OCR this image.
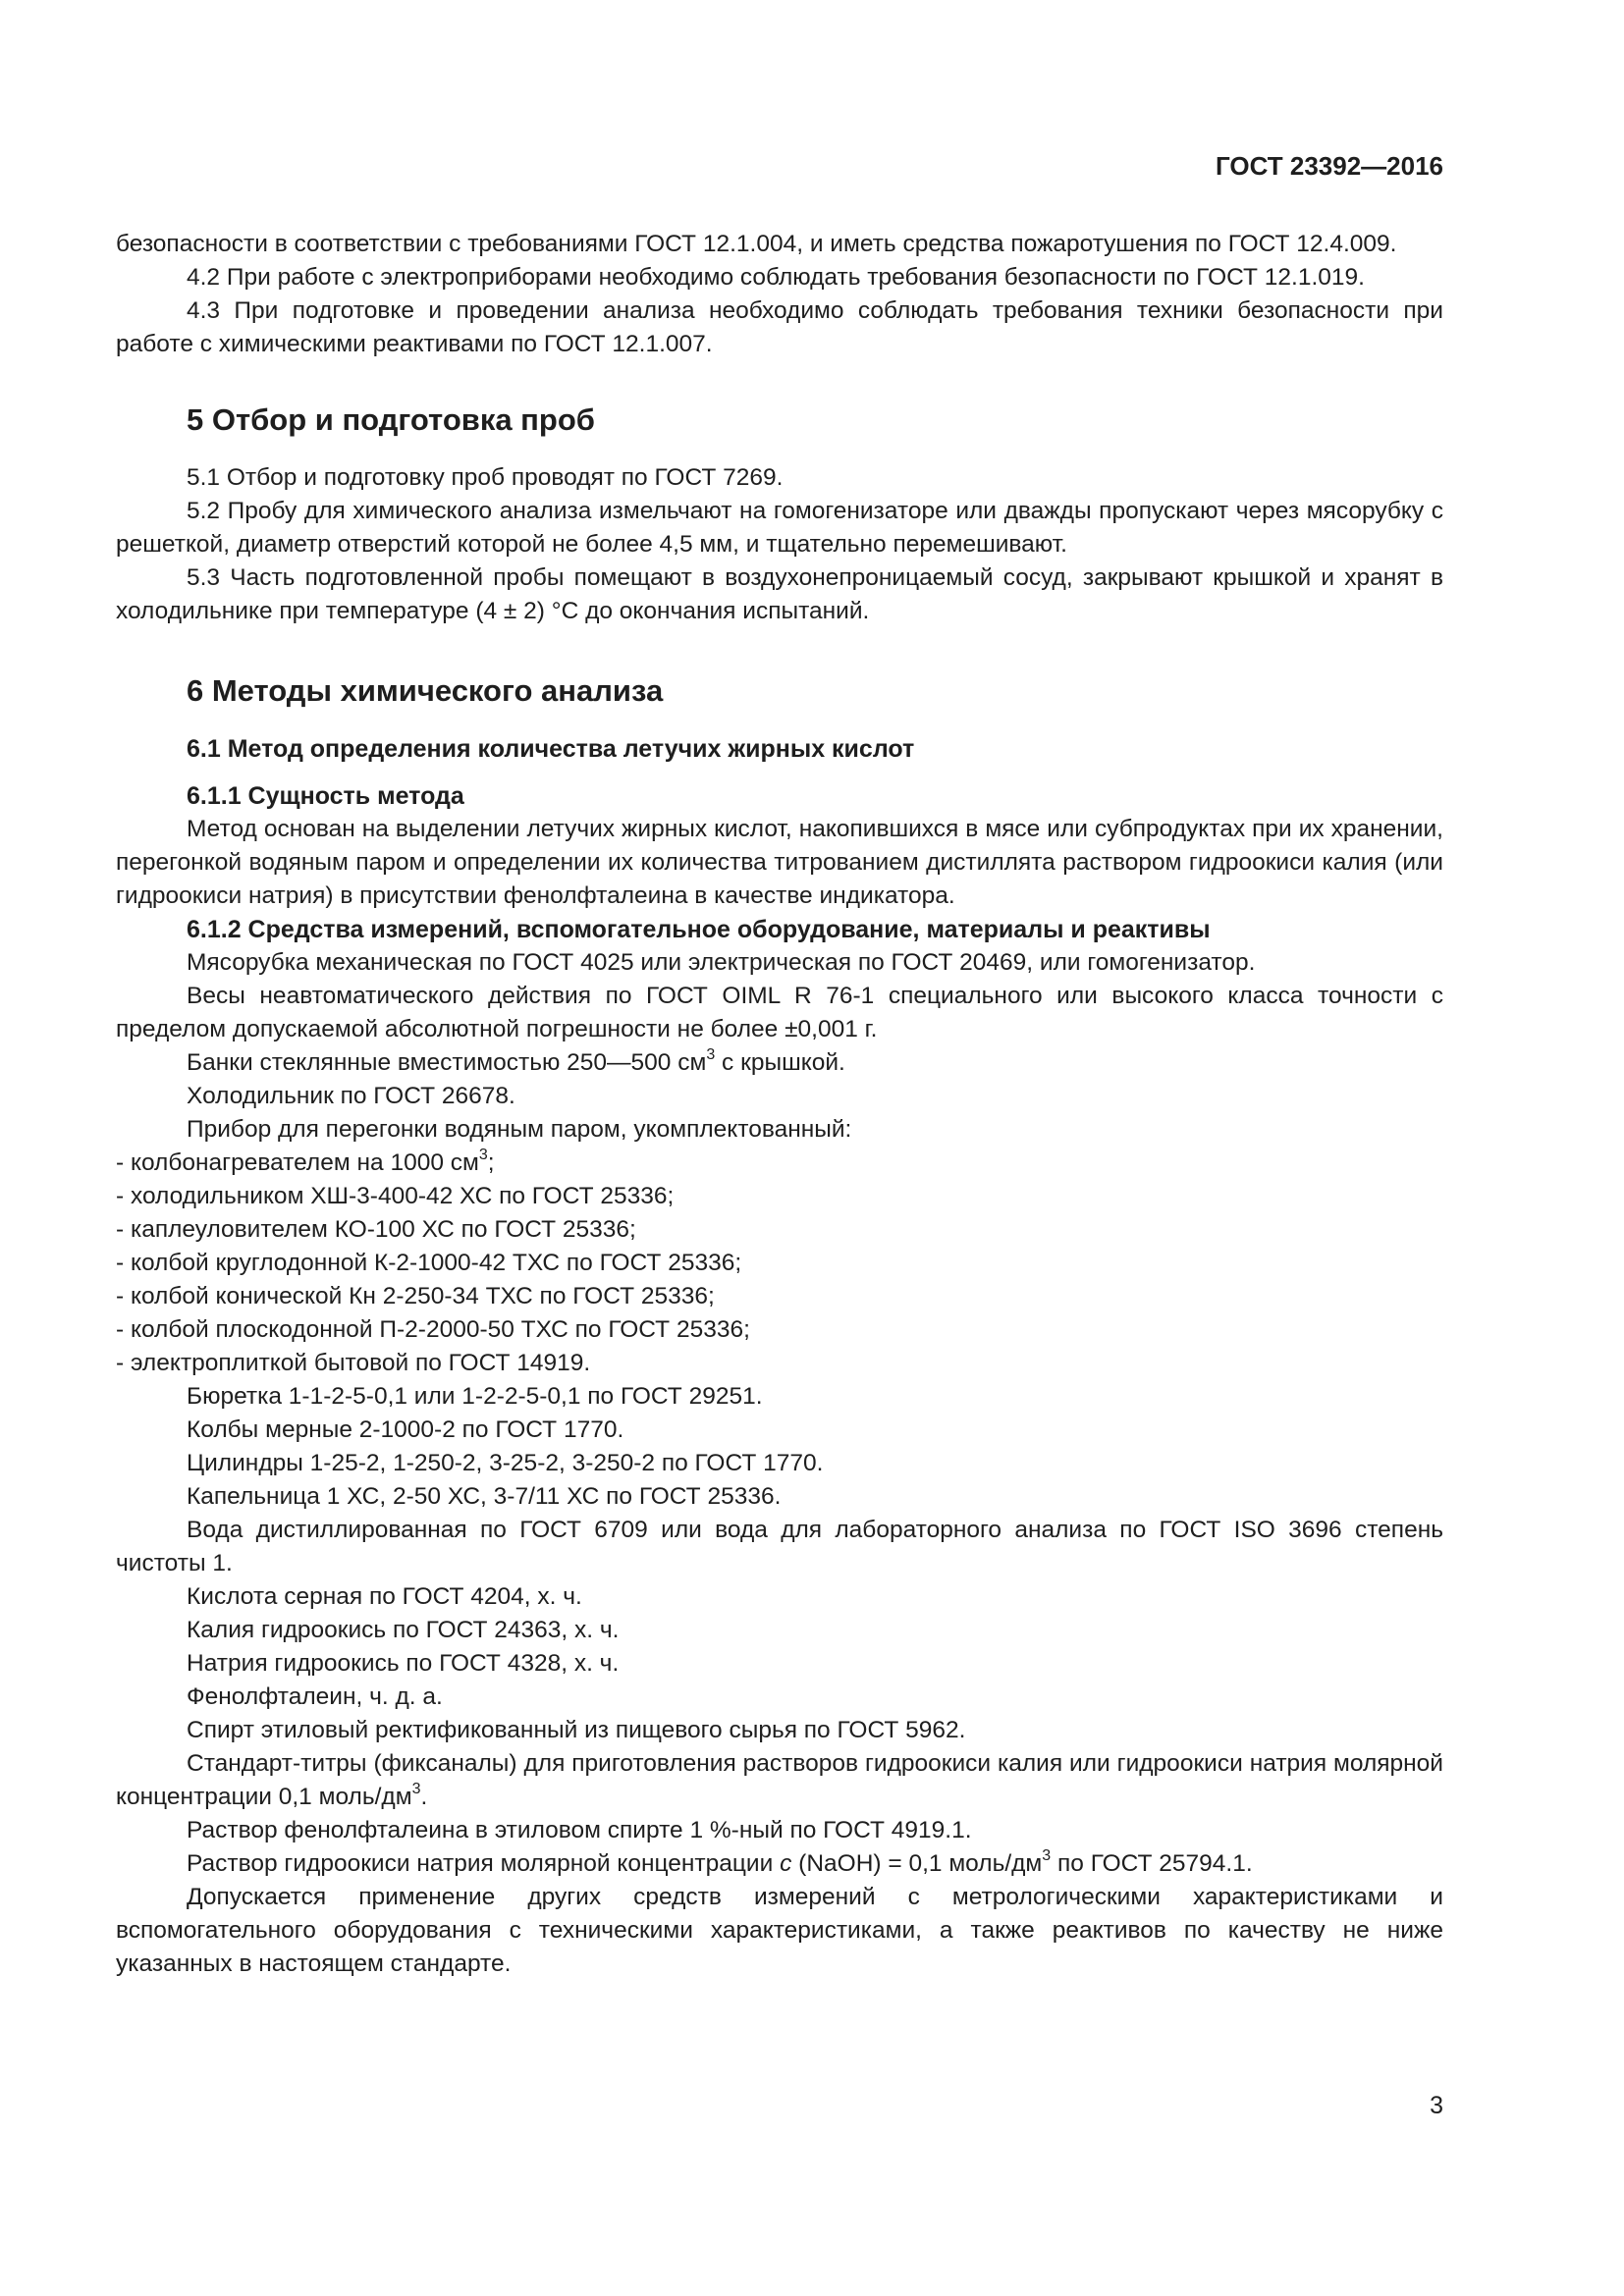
ГОСТ 23392—2016

безопасности в соответствии с требованиями ГОСТ 12.1.004, и иметь средства пожаротушения по ГОСТ 12.4.009.

4.2 При работе с электроприборами необходимо соблюдать требования безопасности по ГОСТ 12.1.019.

4.3 При подготовке и проведении анализа необходимо соблюдать требования техники безопасности при работе с химическими реактивами по ГОСТ 12.1.007.

5 Отбор и подготовка проб

5.1 Отбор и подготовку проб проводят по ГОСТ 7269.

5.2 Пробу для химического анализа измельчают на гомогенизаторе или дважды пропускают через мясорубку с решеткой, диаметр отверстий которой не более 4,5 мм, и тщательно перемешивают.

5.3 Часть подготовленной пробы помещают в воздухонепроницаемый сосуд, закрывают крышкой и хранят в холодильнике при температуре (4 ± 2) °С до окончания испытаний.

6 Методы химического анализа
6.1 Метод определения количества летучих жирных кислот
6.1.1 Сущность метода

Метод основан на выделении летучих жирных кислот, накопившихся в мясе или субпродуктах при их хранении, перегонкой водяным паром и определении их количества титрованием дистиллята раствором гидроокиси калия (или гидроокиси натрия) в присутствии фенолфталеина в качестве индикатора.

6.1.2 Средства измерений, вспомогательное оборудование, материалы и реактивы

Мясорубка механическая по ГОСТ 4025 или электрическая по ГОСТ 20469, или гомогенизатор.

Весы неавтоматического действия по ГОСТ OIML R 76-1 специального или высокого класса точности с пределом допускаемой абсолютной погрешности не более ±0,001 г.

Банки стеклянные вместимостью 250—500 $см^3$ с крышкой.

Холодильник по ГОСТ 26678.

Прибор для перегонки водяным паром, укомплектованный:

- колбонагревателем на 1000 $см^3$;

- холодильником ХШ-3-400-42 ХС по ГОСТ 25336;

- каплеуловителем КО-100 ХС по ГОСТ 25336;

- колбой круглодонной К-2-1000-42 ТХС по ГОСТ 25336;

- колбой конической Кн 2-250-34 ТХС по ГОСТ 25336;

- колбой плоскодонной П-2-2000-50 ТХС по ГОСТ 25336;

- электроплиткой бытовой по ГОСТ 14919.

Бюретка 1-1-2-5-0,1 или 1-2-2-5-0,1 по ГОСТ 29251.

Колбы мерные 2-1000-2 по ГОСТ 1770.

Цилиндры 1-25-2, 1-250-2, 3-25-2, 3-250-2 по ГОСТ 1770.

Капельница 1 ХС, 2-50 ХС, 3-7/11 ХС по ГОСТ 25336.

Вода дистиллированная по ГОСТ 6709 или вода для лабораторного анализа по ГОСТ ISO 3696 степень чистоты 1.

Кислота серная по ГОСТ 4204, х. ч.

Калия гидроокись по ГОСТ 24363, х. ч.

Натрия гидроокись по ГОСТ 4328, х. ч.

Фенолфталеин, ч. д. а.

Спирт этиловый ректификованный из пищевого сырья по ГОСТ 5962.

Стандарт-титры (фиксаналы) для приготовления растворов гидроокиси калия или гидроокиси натрия молярной концентрации 0,1 моль/$дм^3$.

Раствор фенолфталеина в этиловом спирте 1 %-ный по ГОСТ 4919.1.

Раствор гидроокиси натрия молярной концентрации с (NaOH) = 0,1 моль/$дм^3$ по ГОСТ 25794.1.

Допускается применение других средств измерений с метрологическими характеристиками и вспомогательного оборудования с техническими характеристиками, а также реактивов по качеству не ниже указанных в настоящем стандарте.

3
